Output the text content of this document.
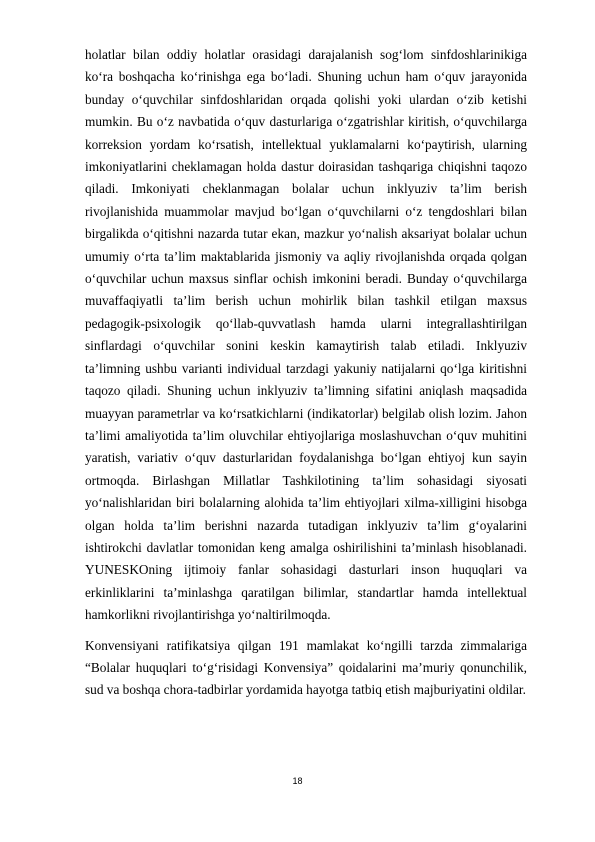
holatlar bilan oddiy holatlar orasidagi darajalanish sog‘lom sinfdoshlarinikiga ko‘ra boshqacha ko‘rinishga ega bo‘ladi. Shuning uchun ham o‘quv jarayonida bunday o‘quvchilar sinfdoshlaridan orqada qolishi yoki ulardan o‘zib ketishi mumkin. Bu o‘z navbatida o‘quv dasturlariga o‘zgatrishlar kiritish, o‘quvchilarga korreksion yordam ko‘rsatish, intellektual yuklamalarni ko‘paytirish, ularning imkoniyatlarini cheklamagan holda dastur doirasidan tashqariga chiqishni taqozo qiladi. Imkoniyati cheklanmagan bolalar uchun inklyuziv ta’lim berish rivojlanishida muammolar mavjud bo‘lgan o‘quvchilarni o‘z tengdoshlari bilan birgalikda o‘qitishni nazarda tutar ekan, mazkur yo‘nalish aksariyat bolalar uchun umumiy o‘rta ta’lim maktablarida jismoniy va aqliy rivojlanishda orqada qolgan o‘quvchilar uchun maxsus sinflar ochish imkonini beradi. Bunday o‘quvchilarga muvaffaqiyatli ta’lim berish uchun mohirlik bilan tashkil etilgan maxsus pedagogik-psixologik qo‘llab-quvvatlash hamda ularni integrallashtirilgan sinflardagi o‘quvchilar sonini keskin kamaytirish talab etiladi. Inklyuziv ta’limning ushbu varianti individual tarzdagi yakuniy natijalarni qo‘lga kiritishni taqozo qiladi. Shuning uchun inklyuziv ta’limning sifatini aniqlash maqsadida muayyan parametrlar va ko‘rsatkichlarni (indikatorlar) belgilab olish lozim. Jahon ta’limi amaliyotida ta’lim oluvchilar ehtiyojlariga moslashuvchan o‘quv muhitini yaratish, variativ o‘quv dasturlaridan foydalanishga bo‘lgan ehtiyoj kun sayin ortmoqda. Birlashgan Millatlar Tashkilotining ta’lim sohasidagi siyosati yo‘nalishlaridan biri bolalarning alohida ta’lim ehtiyojlari xilma-xilligini hisobga olgan holda ta’lim berishni nazarda tutadigan inklyuziv ta’lim g‘oyalarini ishtirokchi davlatlar tomonidan keng amalga oshirilishini ta’minlash hisoblanadi. YUNESKOning ijtimoiy fanlar sohasidagi dasturlari inson huquqlari va erkinliklarini ta’minlashga qaratilgan bilimlar, standartlar hamda intellektual hamkorlikni rivojlantirishga yo‘naltirilmoqda.

Konvensiyani ratifikatsiya qilgan 191 mamlakat ko‘ngilli tarzda zimmalariga “Bolalar huquqlari to‘g‘risidagi Konvensiya” qoidalarini ma’muriy qonunchilik, sud va boshqa chora-tadbirlar yordamida hayotga tatbiq etish majburiyatini oldilar.

18
